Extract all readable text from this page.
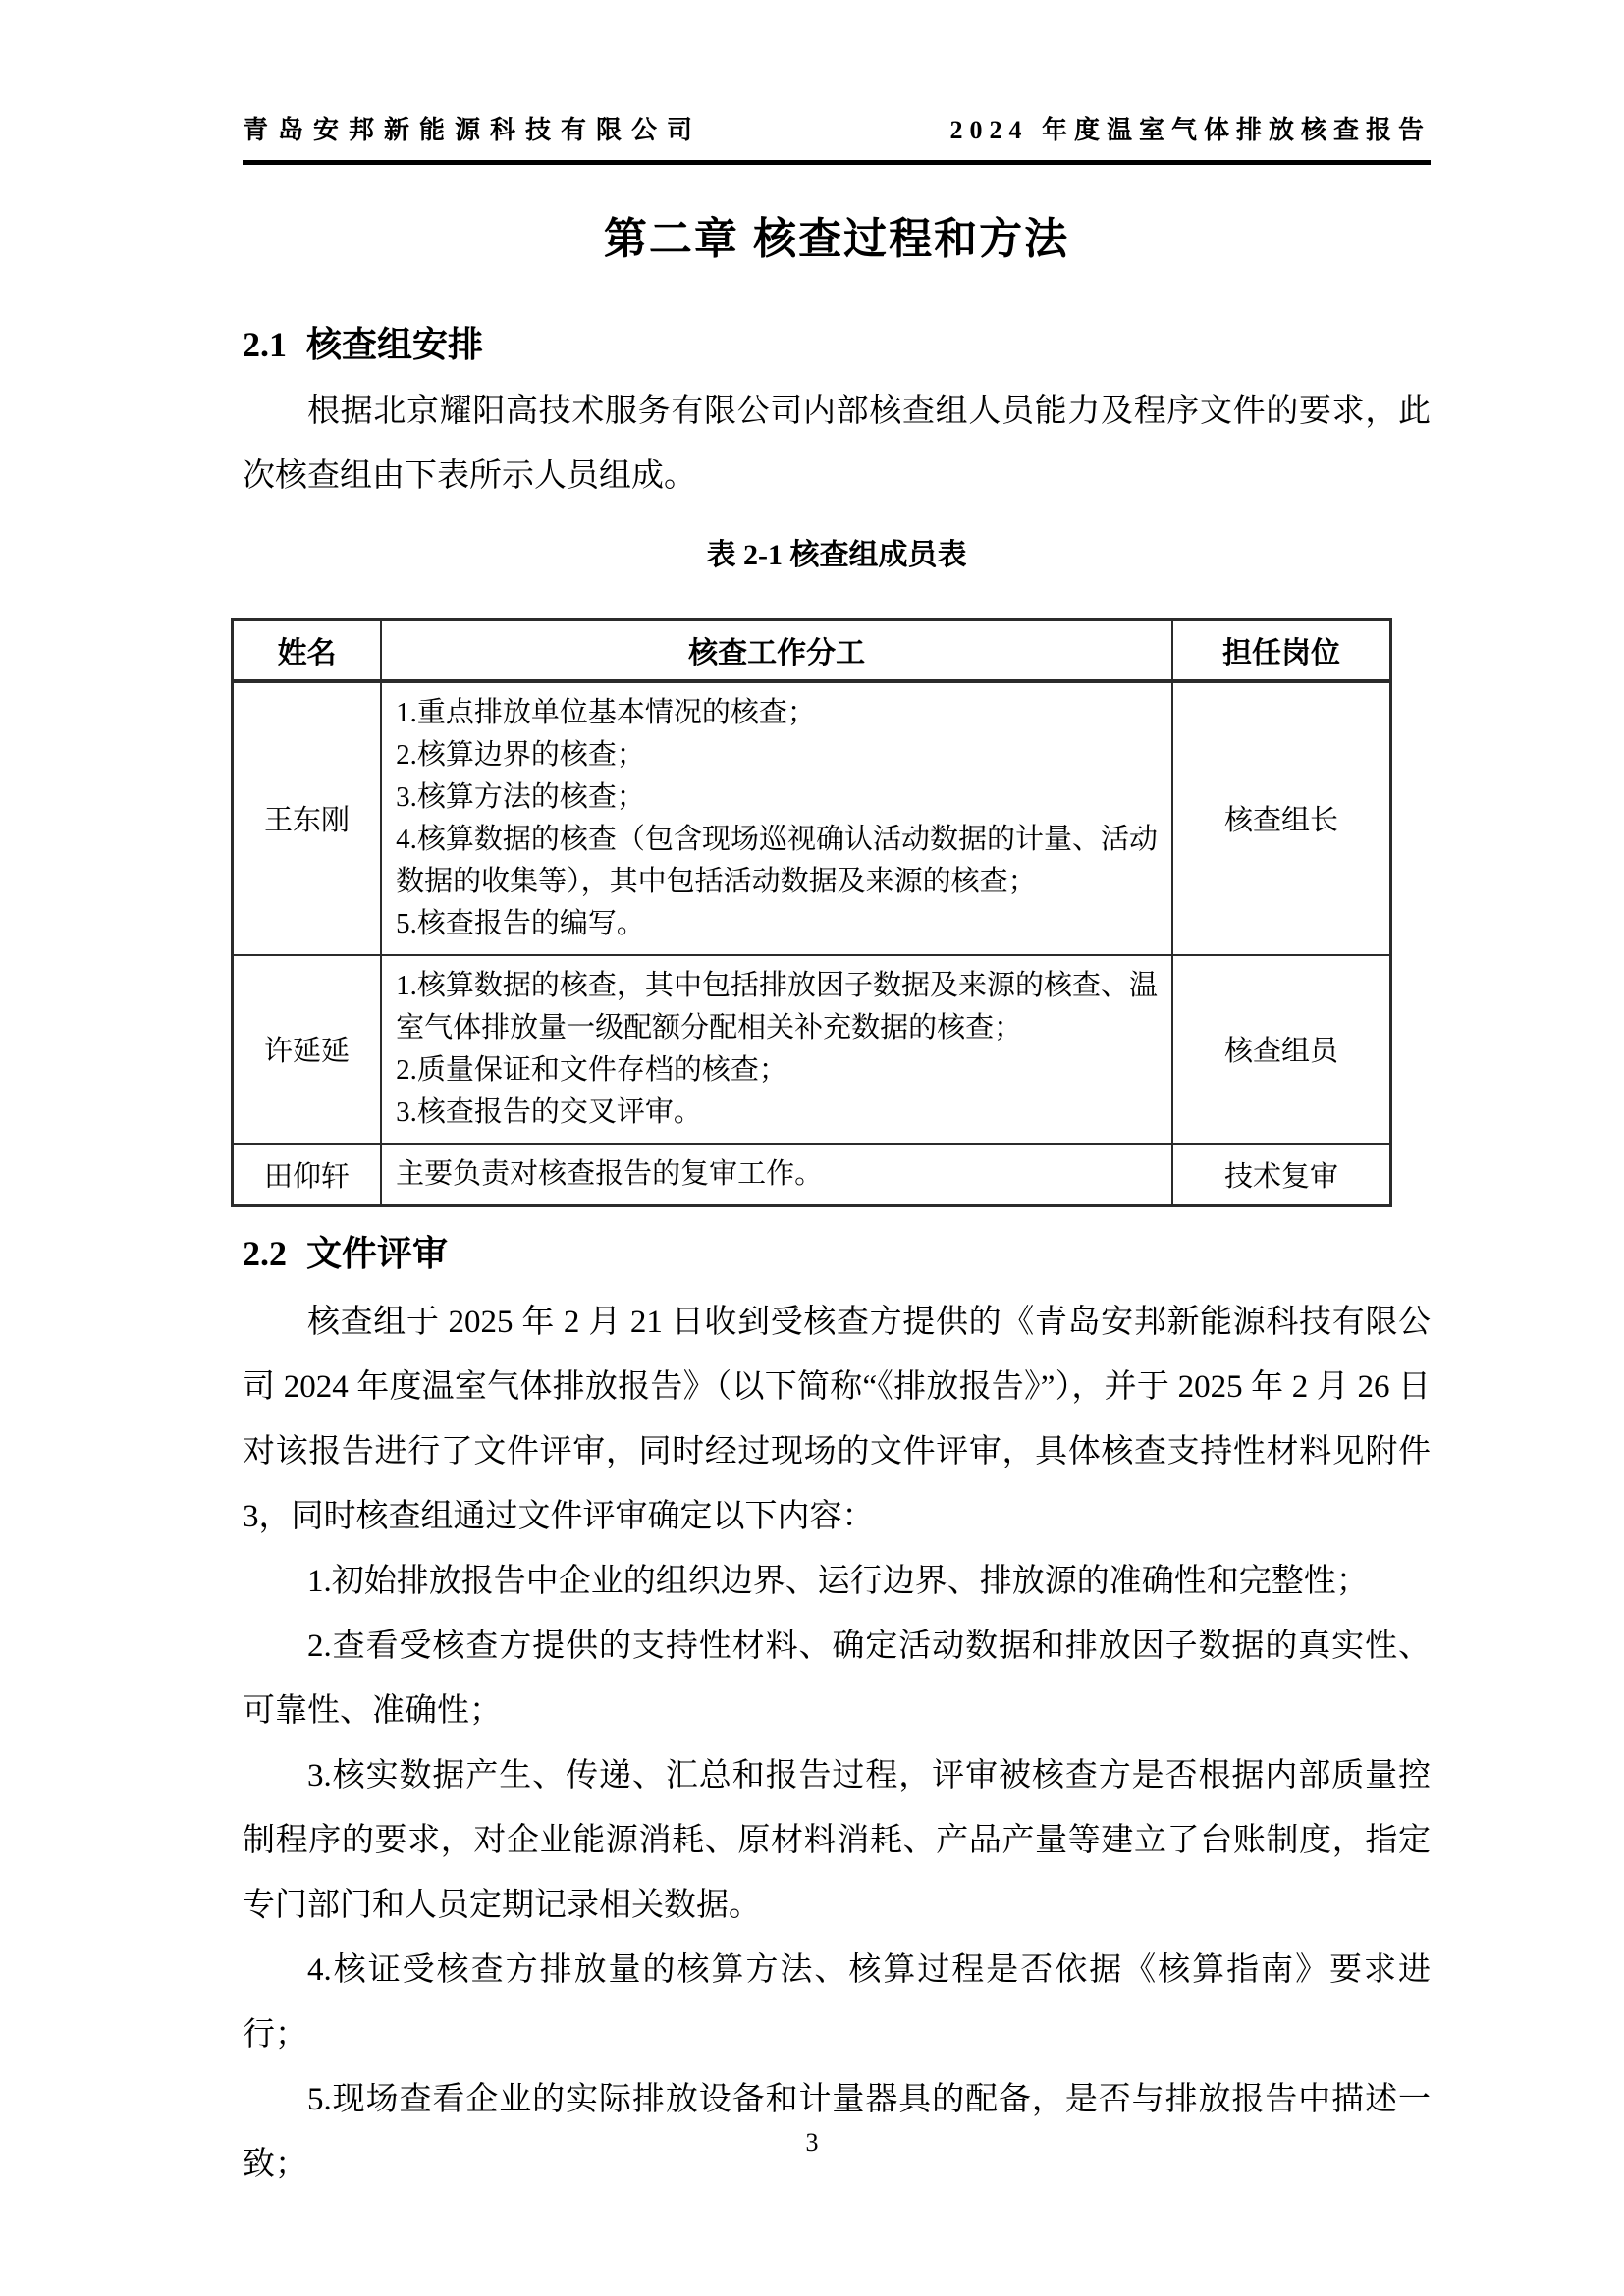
青岛安邦新能源科技有限公司	2024 年度温室气体排放核查报告
第二章 核查过程和方法
2.1 核查组安排

根据北京耀阳高技术服务有限公司内部核查组人员能力及程序文件的要求，此次核查组由下表所示人员组成。

表 2-1 核查组成员表
姓名	核查工作分工	担任岗位
王东刚	1.重点排放单位基本情况的核查；
2.核算边界的核查；
3.核算方法的核查；
4.核算数据的核查（包含现场巡视确认活动数据的计量、活动数据的收集等），其中包括活动数据及来源的核查；
5.核查报告的编写。	核查组长
许延延	1.核算数据的核查，其中包括排放因子数据及来源的核查、温室气体排放量一级配额分配相关补充数据的核查；
2.质量保证和文件存档的核查；
3.核查报告的交叉评审。	核查组员
田仰轩	主要负责对核查报告的复审工作。	技术复审
2.2 文件评审

核查组于 2025 年 2 月 21 日收到受核查方提供的《青岛安邦新能源科技有限公司 2024 年度温室气体排放报告》（以下简称“《排放报告》”），并于 2025 年 2 月 26 日对该报告进行了文件评审，同时经过现场的文件评审，具体核查支持性材料见附件 3，同时核查组通过文件评审确定以下内容：

1.初始排放报告中企业的组织边界、运行边界、排放源的准确性和完整性；

2.查看受核查方提供的支持性材料、确定活动数据和排放因子数据的真实性、可靠性、准确性；

3.核实数据产生、传递、汇总和报告过程，评审被核查方是否根据内部质量控制程序的要求，对企业能源消耗、原材料消耗、产品产量等建立了台账制度，指定专门部门和人员定期记录相关数据。

4.核证受核查方排放量的核算方法、核算过程是否依据《核算指南》要求进行；

5.现场查看企业的实际排放设备和计量器具的配备，是否与排放报告中描述一致；

3
